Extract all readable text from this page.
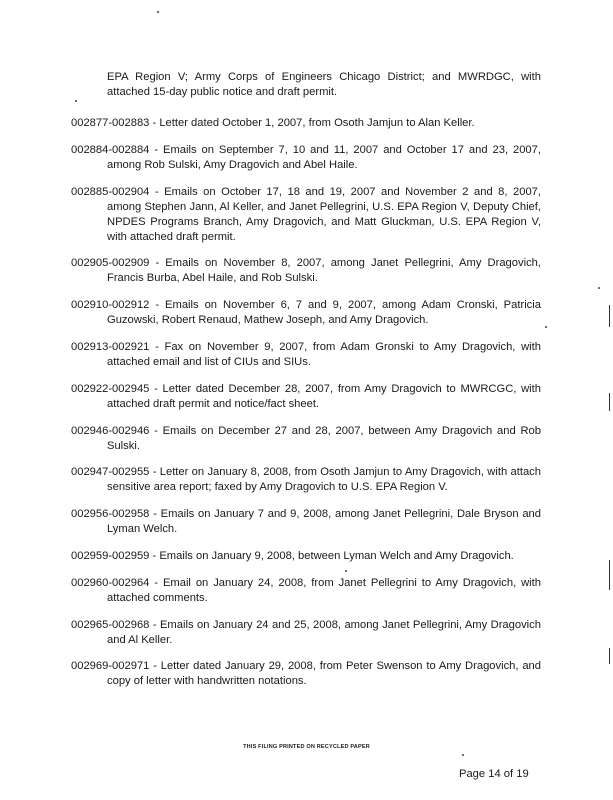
EPA Region V; Army Corps of Engineers Chicago District; and MWRDGC, with attached 15-day public notice and draft permit.

002877-002883 - Letter dated October 1, 2007, from Osoth Jamjun to Alan Keller.

002884-002884 - Emails on September 7, 10 and 11, 2007 and October 17 and 23, 2007, among Rob Sulski, Amy Dragovich and Abel Haile.

002885-002904 - Emails on October 17, 18 and 19, 2007 and November 2 and 8, 2007, among Stephen Jann, Al Keller, and Janet Pellegrini, U.S. EPA Region V, Deputy Chief, NPDES Programs Branch, Amy Dragovich, and Matt Gluckman, U.S. EPA Region V, with attached draft permit.

002905-002909 - Emails on November 8, 2007, among Janet Pellegrini, Amy Dragovich, Francis Burba, Abel Haile, and Rob Sulski.

002910-002912 - Emails on November 6, 7 and 9, 2007, among Adam Cronski, Patricia Guzowski, Robert Renaud, Mathew Joseph, and Amy Dragovich.

002913-002921 - Fax on November 9, 2007, from Adam Gronski to Amy Dragovich, with attached email and list of CIUs and SIUs.

002922-002945 - Letter dated December 28, 2007, from Amy Dragovich to MWRCGC, with attached draft permit and notice/fact sheet.

002946-002946 - Emails on December 27 and 28, 2007, between Amy Dragovich and Rob Sulski.

002947-002955 - Letter on January 8, 2008, from Osoth Jamjun to Amy Dragovich, with attach sensitive area report; faxed by Amy Dragovich to U.S. EPA Region V.

002956-002958 - Emails on January 7 and 9, 2008, among Janet Pellegrini, Dale Bryson and Lyman Welch.

002959-002959 - Emails on January 9, 2008, between Lyman Welch and Amy Dragovich.

002960-002964 - Email on January 24, 2008, from Janet Pellegrini to Amy Dragovich, with attached comments.

002965-002968 - Emails on January 24 and 25, 2008, among Janet Pellegrini, Amy Dragovich and Al Keller.

002969-002971 - Letter dated January 29, 2008, from Peter Swenson to Amy Dragovich, and copy of letter with handwritten notations.

THIS FILING PRINTED ON RECYCLED PAPER
Page 14 of 19
